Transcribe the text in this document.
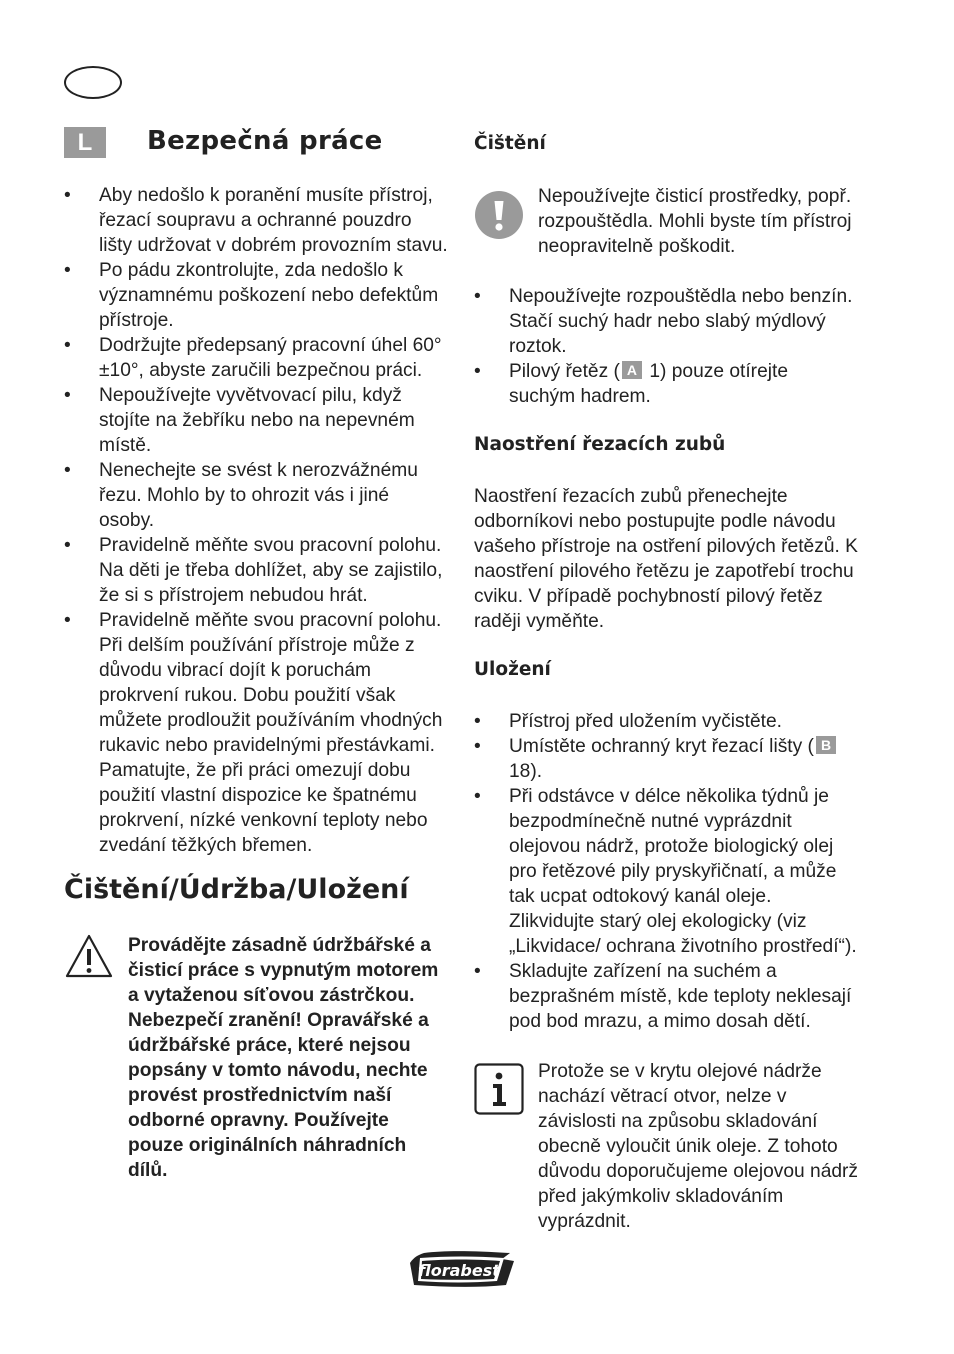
L	Bezpečná práce
• Aby nedošlo k poranění musíte přístroj, řezací soupravu a ochranné pouzdro lišty udržovat v dobrém provozním stavu.
• Po pádu zkontrolujte, zda nedošlo k významnému poškození nebo defektům přístroje.
• Dodržujte předepsaný pracovní úhel 60°±10°, abyste zaručili bezpečnou práci.
• Nepoužívejte vyvětvovací pilu, když stojíte na žebříku nebo na nepevném místě.
• Nenechejte se svést k nerozvážnému řezu. Mohlo by to ohrozit vás i jiné osoby.
• Pravidelně měňte svou pracovní polohu. Na děti je třeba dohlížet, aby se zajistilo, že si s přístrojem nebudou hrát.
• Pravidelně měňte svou pracovní polohu. Při delším používání přístroje může z důvodu vibrací dojít k poruchám prokrvení rukou. Dobu použití však můžete prodloužit používáním vhodných rukavic nebo pravidelnými přestávkami. Pamatujte, že při práci omezují dobu použití vlastní dispozice ke špatnému prokrvení, nízké venkovní teploty nebo zvedání těžkých břemen.
Čištění/Údržba/Uložení

Provádějte zásadně údržbářské a čisticí práce s vypnutým motorem a vytaženou síťovou zástrčkou. Nebezpečí zranění! Opravářské a údržbářské práce, které nejsou popsány v tomto návodu, nechte provést prostřednictvím naší odborné opravny. Používejte pouze originálních náhradních dílů.

Čištění

Nepoužívejte čisticí prostředky, popř. rozpouštědla. Mohli byste tím přístroj neopravitelně poškodit.

• Nepoužívejte rozpouštědla nebo benzín. Stačí suchý hadr nebo slabý mýdlový roztok.
• Pilový řetěz ( A 1) pouze otírejte suchým hadrem.
Naostření řezacích zubů

Naostření řezacích zubů přenechejte odborníkovi nebo postupujte podle návodu vašeho přístroje na ostření pilových řetězů. K naostření pilového řetězu je zapotřebí trochu cviku. V případě pochybností pilový řetěz raději vyměňte.

Uložení
• Přístroj před uložením vyčistěte.
• Umístěte ochranný kryt řezací lišty ( B 18).
• Při odstávce v délce několika týdnů je bezpodmínečně nutné vyprázdnit olejovou nádrž, protože biologický olej pro řetězové pily pryskyřičnatí, a může tak ucpat odtokový kanál oleje. Zlikvidujte starý olej ekologicky (viz „Likvidace/ ochrana životního prostředí“).
• Skladujte zařízení na suchém a bezprašném místě, kde teploty neklesají pod bod mrazu, a mimo dosah dětí.

Protože se v krytu olejové nádrže nachází větrací otvor, nelze v závislosti na způsobu skladování obecně vyloučit únik oleje. Z tohoto důvodu doporučujeme olejovou nádrž před jakýmkoliv skladováním vyprázdnit.

florabest
